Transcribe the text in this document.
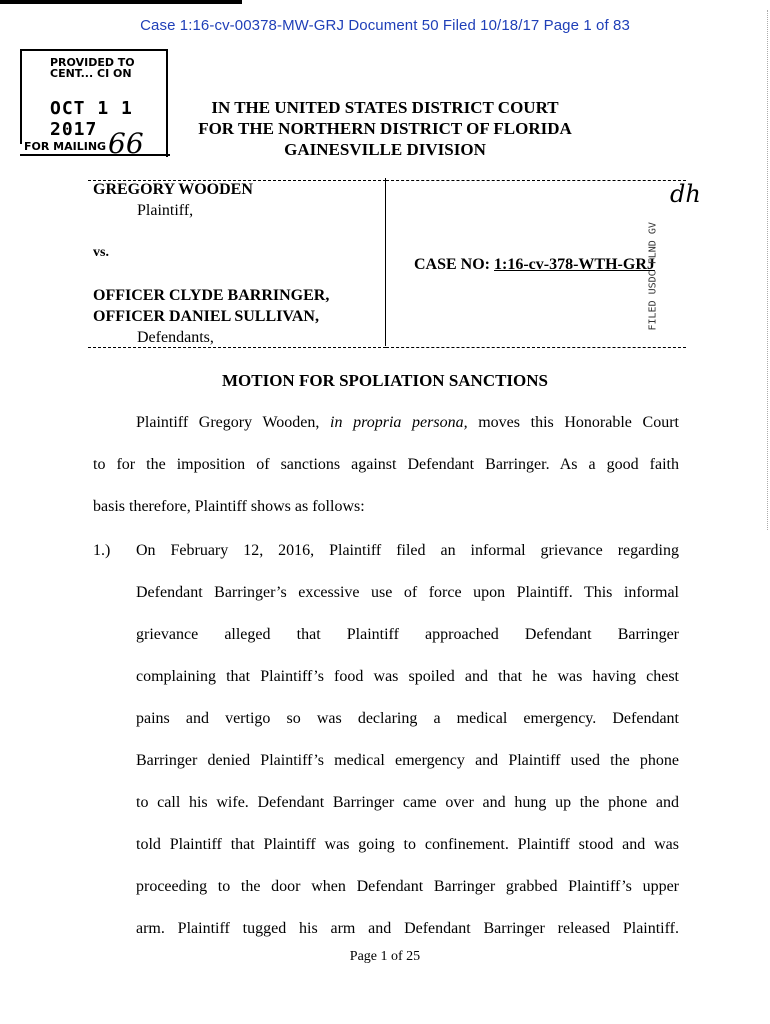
Case 1:16-cv-00378-MW-GRJ Document 50 Filed 10/18/17 Page 1 of 83
PROVIDED TO
CENT... CI ON
OCT 1 1 2017
FOR MAILING 66
IN THE UNITED STATES DISTRICT COURT
FOR THE NORTHERN DISTRICT OF FLORIDA
GAINESVILLE DIVISION
GREGORY WOODEN
Plaintiff,
vs.
OFFICER CLYDE BARRINGER,
OFFICER DANIEL SULLIVAN,
Defendants,
CASE NO: 1:16-cv-378-WTH-GRJ
FILED USDC FLND GV
dh
MOTION FOR SPOLIATION SANCTIONS
Plaintiff Gregory Wooden, in propria persona, moves this Honorable Court
to for the imposition of sanctions against Defendant Barringer. As a good faith
basis therefore, Plaintiff shows as follows:
1.) On February 12, 2016, Plaintiff filed an informal grievance regarding
Defendant Barringer’s excessive use of force upon Plaintiff. This informal
grievance alleged that Plaintiff approached Defendant Barringer
complaining that Plaintiff’s food was spoiled and that he was having chest
pains and vertigo so was declaring a medical emergency. Defendant
Barringer denied Plaintiff’s medical emergency and Plaintiff used the phone
to call his wife. Defendant Barringer came over and hung up the phone and
told Plaintiff that Plaintiff was going to confinement. Plaintiff stood and was
proceeding to the door when Defendant Barringer grabbed Plaintiff’s upper
arm. Plaintiff tugged his arm and Defendant Barringer released Plaintiff.
Page 1 of 25
